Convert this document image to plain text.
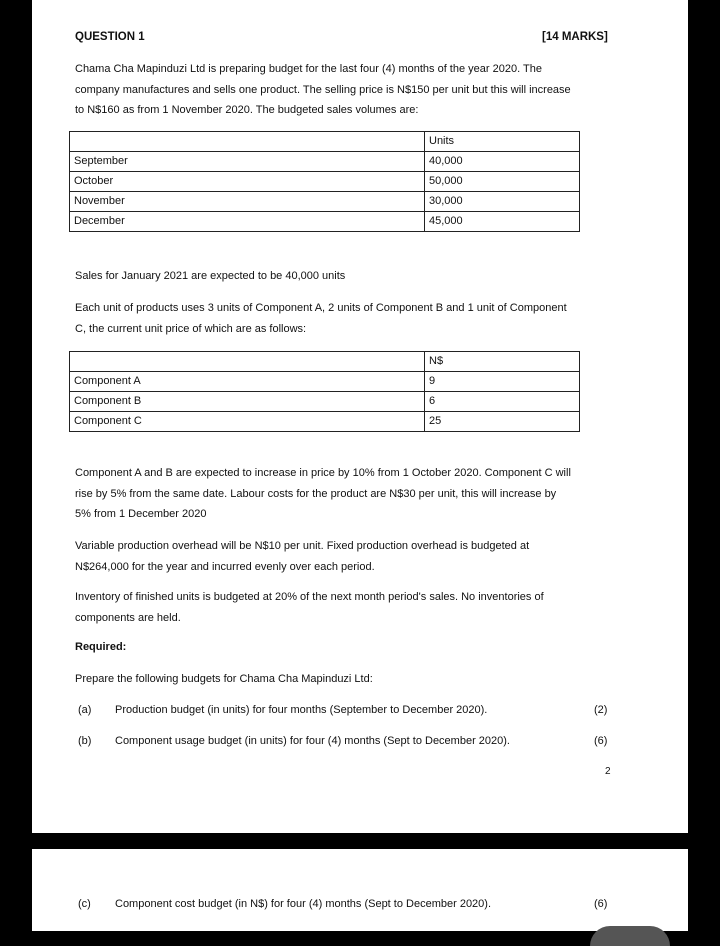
QUESTION 1	[14 MARKS]
Chama Cha Mapinduzi Ltd is preparing budget for the last four (4) months of the year 2020. The
company manufactures and sells one product. The selling price is N$150 per unit but this will increase
to N$160 as from 1 November 2020. The budgeted sales volumes are:
	Units
September	40,000
October	50,000
November	30,000
December	45,000
Sales for January 2021 are expected to be 40,000 units
Each unit of products uses 3 units of Component A, 2 units of Component B and 1 unit of Component
C, the current unit price of which are as follows:
	N$
Component A	9
Component B	6
Component C	25
Component A and B are expected to increase in price by 10% from 1 October 2020. Component C will
rise by 5% from the same date. Labour costs for the product are N$30 per unit, this will increase by
5% from 1 December 2020
Variable production overhead will be N$10 per unit. Fixed production overhead is budgeted at
N$264,000 for the year and incurred evenly over each period.
Inventory of finished units is budgeted at 20% of the next month period's sales. No inventories of
components are held.
Required:
Prepare the following budgets for Chama Cha Mapinduzi Ltd:
(a) Production budget (in units) for four months (September to December 2020).	(2)
(b) Component usage budget (in units) for four (4) months (Sept to December 2020).	(6)
2
(c) Component cost budget (in N$) for four (4) months (Sept to December 2020).	(6)
